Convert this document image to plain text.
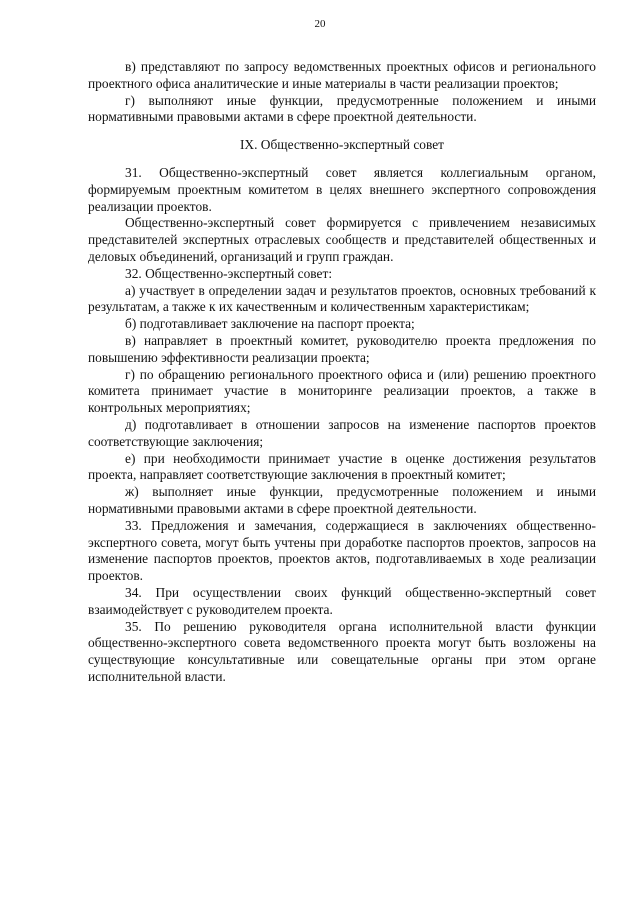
20

в) представляют по запросу ведомственных проектных офисов и регионального проектного офиса аналитические и иные материалы в части реализации проектов;

г) выполняют иные функции, предусмотренные положением и иными нормативными правовыми актами в сфере проектной деятельности.

IX. Общественно-экспертный совет

31. Общественно-экспертный совет является коллегиальным органом, формируемым проектным комитетом в целях внешнего экспертного сопровождения реализации проектов.

Общественно-экспертный совет формируется с привлечением независимых представителей экспертных отраслевых сообществ и представителей общественных и деловых объединений, организаций и групп граждан.

32. Общественно-экспертный совет:

а) участвует в определении задач и результатов проектов, основных требований к результатам, а также к их качественным и количественным характеристикам;

б) подготавливает заключение на паспорт проекта;

в) направляет в проектный комитет, руководителю проекта предложения по повышению эффективности реализации проекта;

г) по обращению регионального проектного офиса и (или) решению проектного комитета принимает участие в мониторинге реализации проектов, а также в контрольных мероприятиях;

д) подготавливает в отношении запросов на изменение паспортов проектов соответствующие заключения;

е) при необходимости принимает участие в оценке достижения результатов проекта, направляет соответствующие заключения в проектный комитет;

ж) выполняет иные функции, предусмотренные положением и иными нормативными правовыми актами в сфере проектной деятельности.

33. Предложения и замечания, содержащиеся в заключениях общественно-экспертного совета, могут быть учтены при доработке паспортов проектов, запросов на изменение паспортов проектов, проектов актов, подготавливаемых в ходе реализации проектов.

34. При осуществлении своих функций общественно-экспертный совет взаимодействует с руководителем проекта.

35. По решению руководителя органа исполнительной власти функции общественно-экспертного совета ведомственного проекта могут быть возложены на существующие консультативные или совещательные органы при этом органе исполнительной власти.
